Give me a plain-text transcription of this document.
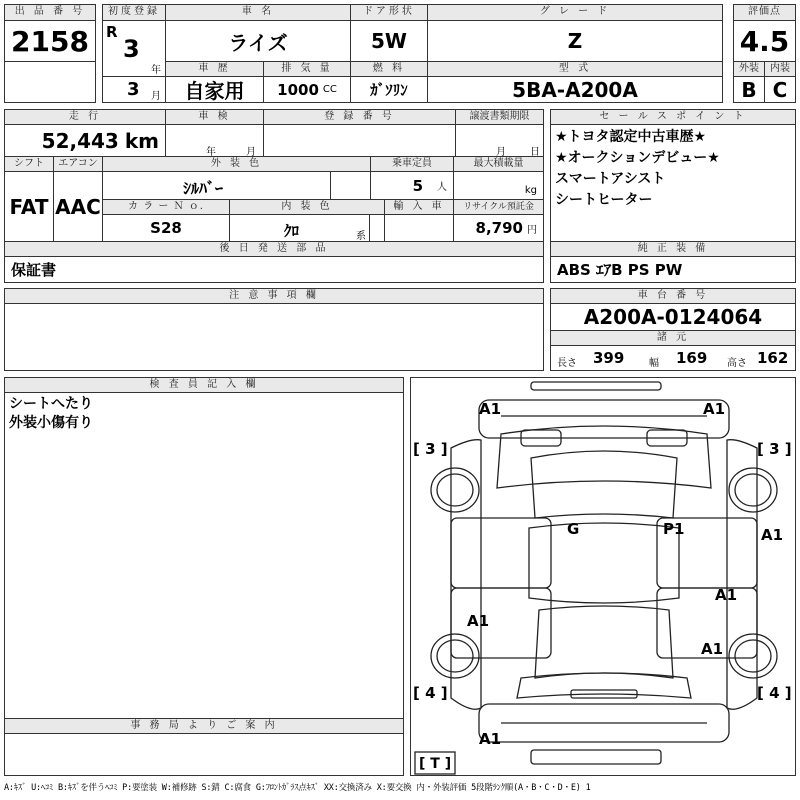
出 品 番 号
2158
初度登録
R
3
年
3 月
車 名
ライズ
ドア形状
5W
グ レ ー ド
Z
評価点
4.5
車 歴
自家用
排 気 量
1000 CC
燃 料
ｶﾞｿﾘﾝ
型 式
5BA-A200A
外装	内装
B C
走 行
52,443 km
車 検
年	月
登 録 番 号	譲渡書類期限
月 日
セ ー ル ス ポ イ ン ト
★トヨタ認定中古車歴★
★オークションデビュー★
スマートアシスト
シートヒーター
シフト
FAT
エアコン
AAC
外 装 色
ｼﾙﾊﾞｰ
乗車定員
5 人
最大積載量
kg
カ ラ ー Ｎ ｏ.
S28
内 装 色
ｸﾛ	系
輸 入 車	リサイクル預託金
8,790 円
後 日 発 送 部 品
保証書
純 正 装 備
ABS ｴｱB PS PW
注 意 事 項 欄	車 台 番 号
A200A-0124064
諸 元
長さ 399 幅 169 高さ 162
検 査 員 記 入 欄
シートへたり
外装小傷有り
事 務 局 よ り ご 案 内
A1	A1
[ 3 ]	[ 3 ]
G	P1	A1
A1
A1
A1
[ 4 ]	[ 4 ]
A1
[ T ]
A:ｷｽﾞ U:ﾍｺﾐ B:ｷｽﾞを伴うﾍｺﾐ P:要塗装 W:補修跡 S:錆 C:腐食 G:ﾌﾛﾝﾄｶﾞﾗｽ点ｷｽﾞ XX:交換済み X:要交換 内・外装評価 5段階ﾗﾝｸ順(A・B・C・D・E) 1
